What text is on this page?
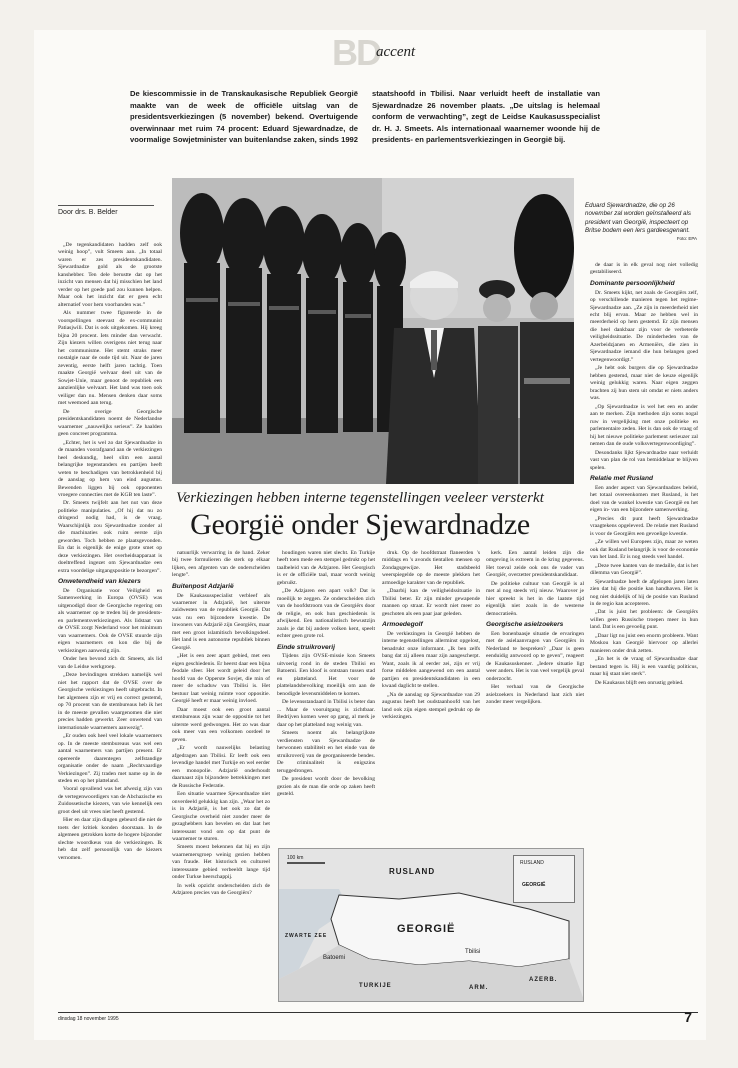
BD
accent
De kiescommissie in de Transkaukasische Republiek Georgië maakte van de week de officiële uitslag van de presidentsverkiezingen (5 november) bekend. Overtuigende overwinnaar met ruim 74 procent: Eduard Sjewardnadze, de voormalige Sowjetminister van buitenlandse zaken, sinds 1992 staatshoofd in Tbilisi. Naar verluidt heeft de installatie van Sjewardnadze 26 november plaats. „De uitslag is helemaal conform de verwachting”, zegt de Leidse Kaukasusspecialist dr. H. J. Smeets. Als internationaal waarnemer woonde hij de presidents- en parlementsverkiezingen in Georgië bij.
Door drs. B. Belder
Eduard Sjewardnadze, die op 26 november zal worden geïnstalleerd als president van Georgië, inspecteert op Britse bodem een lers gardeesgenant.
Foto: EPA
Verkiezingen hebben interne tegenstellingen veeleer versterkt
Georgië onder Sjewardnadze

„De tegenkandidaten hadden zelf ook weinig hoop”, vult Smeets aan. „In totaal waren er zes presidentskandidaten. Sjewardnadze gold als de grootste kanshebber. Ten dele berustte dat op het inzicht van mensen dat hij misschien het land verder op het goede pad zou kunnen helpen. Maar ook het inzicht dat er geen echt alternatief voor hem voorhanden was.”

Als nummer twee figureerde in de voorspellingen steevast de ex-communist Patiasjwili. Dat is ook uitgekomen. Hij kreeg bijna 20 procent. Iets minder dan verwacht. Zijn kiezers willen overigens niet terug naar het communisme. Het stemt straks meer nostalgie naar de oude tijd uit. Naar de jaren zeventig, eerste helft jaren tachtig. Toen maakte Georgië welvaar deel uit van de Sowjet-Unie, maar genoot de republiek een aanzienlijke welvaart. Het land was toen ook veiliger dan nu. Mensen denken daar soms met weemoed aan terug.

De overige Georgische presidentskandidaten noemt de Nederlandse waarnemer „nauwelijks serieus”. Ze haalden geen concreet programma.

„Echter, het is wel zo dat Sjewardnadze in de maanden voorafgaand aan de verkiezingen heel deskundig, heel slim een aantal belangrijke tegenstanders en partijen heeft weten te beschadigen van betrokkenheid bij de aanslag op hem van eind augustus. Bewenden liggen bij ook opponenten vroegere connecties met de KGB ten laste”.

Dr. Smeets twijfelt aan het nut van deze politieke manipulaties. „Of hij dat nu zo dringend nodig had, is de vraag. Waarschijnlijk zou Sjewardnadze zonder al die machinaties ook ruim eerste zijn geworden. Toch hebben ze plaatsgevonden. En dat is eigenlijk de enige grote smet op deze verkiezingen. Het overheidsapparaat is doeltreffend ingezet om Sjewardnadze een extra voordelige uitgangspositie te bezorgen”.

Onwetendheid van kiezers

De Organisatie voor Veiligheid en Samenwerking in Europa (OVSE) was uitgenodigd door de Georgische regering om als waarnemer op te treden bij de presidents- en parlementsverkiezingen. Als lidstaat van de OVSE zorgt Nederland voor het minimum van waarnemers. Ook de OVSE stuurde zijn eigen waarnemers en kon die bij de verkiezingen aanwezig zijn.

Onder hen bevond zich dr. Smeets, als lid van de Leidse werkgroep.

„Deze bevindingen strekken namelijk wel niet het rapport dat de OVSE over de Georgische verkiezingen heeft uitgebracht. In het algemeen zijn er vrij en correct gestemd, op 70 procent van de stembureaus heb ik het in de meeste gevallen waargenomen die niet precies hadden gewerkt. Zeer onwetend van internationale waarnemers aanwezig”.

„Er ouden ook heel veel lokale waarnemers op. In de meeste stembureaus was wel een aantal waarnemers van partijen present. Er opereerde daarentegen zelfstandige organisatie onder de naam „Rechtvaardige Verkiezingen”. Zij traden met name op in de steden en op het platteland.

Vooral opvallend was het afwezig zijn van de vertegenwoordigers van de Abchazische en Zuidossetische kiezers, van wie kennelijk een groot deel uit vrees niet heeft gestemd.

Hier en daar zijn dingen gebeurd die niet de toets der kritiek konden doorstaan. In de algemeen getrokken korte de hogere bijzonder slechte woordkeus van de verkiezingen. Ik heb dat zelf persoonlijk van de kiezers vernomen.

natuurlijk verwarring in de hand. Zeker bij twee formulieren die sterk op elkaar lijken, een afgenten van de onderscheiden lengte”.

Buitenpost Adzjarië

De Kaukasusspecialist verbleef als waarnemer in Adzjarië, het uiterste zuidwesten van de republiek Georgië. Dat was nu een bijzondere kwestie. De inwoners van Adzjarië zijn Georgiërs, maar met een groot islamitisch bevolkingsdeel. Het land is een autonome republiek binnen Georgië.

„Het is een zeer apart gebied, met een eigen geschiedenis. Er heerst daar een bijna feodale sfeer. Het wordt geleid door het hoofd van de Opperste Sovjet, die min of meer de schaduw van Tbilisi is. Het bestuur laat weinig ruimte voor oppositie. Georgië heeft er maar weinig invloed.

Daar moest ook een groot aantal stembureaus zijn waar de oppositie tot het uiterste werd gedwongen. Het zo was daar ook meer van een volkomen oordeel te geven.

„Er wordt nauwelijks belasting afgedragen aan Tbilisi. Er leeft ook een levendige handel met Turkije en wel eerder een monopolie. Adzjarië onderhoudt daarnaast zijn bijzondere betrekkingen met de Russische Federatie.

Een situatie waarmee Sjewardnadze niet onverdeeld gelukkig kan zijn. „Waar het zo is in Adzjarië, is het ook zo dat de Georgische overheid niet zonder meer de gezaghebbers kan bevelen en dat laat het interessant vond om op dat punt de waarnemer te sturen.

Smeets moest bekennen dat hij en zijn waarnemersgroep weinig gezien hebben van fraude. Het historisch en cultureel interessante gebied verbeeldt lange tijd onder Turkse heerschappij.

In welk opzicht onderscheiden zich de Adzjaren precies van de Georgiërs?

houdingen waren niet slecht. En Turkije heeft toen mede een stempel gedrukt op het taalbeleid van de Adzjaren. Het Georgisch is er de officiële taal, maar wordt weinig gebruikt.

„De Adzjaren een apart volk? Dat is moeilijk te zeggen. Ze onderscheiden zich van de hoofdstroom van de Georgiërs door de religie, en ook hun geschiedenis is afwijkend. Een nationalistisch bewustzijn zoals je dat bij andere volken kent, speelt echter geen grote rol.

Einde struikroverij

Tijdens zijn OVSE-missie kon Smeets uitvoerig rond in de steden Tbilisi en Batoemi. Een kloof is ontstaan tussen stad en platteland. Het voor de plattelandsbevolking moeilijk om aan de benodigde levensmiddelen te komen.

De levensstandaard in Tbilisi is beter dan ... Maar de vooruitgang is zichtbaar. Bedrijven komen weer op gang, al merk je daar op het platteland nog weinig van.

Smeets noemt als belangrijkste verdiensten van Sjewardnadze de herwonnen stabiliteit en het einde van de struikroverij van de georganiseerde bendes. De criminaliteit is enigszins teruggedrongen.

De president wordt door de bevolking gezien als de man die orde op zaken heeft gesteld.

druk. Op de hoofdstraat flaneerden 's middags en 's avonds tientallen mensen op Zondagsgewijze. Het stadsbeeld weerspiegelde op de meeste plekken het armoedige karakter van de republiek.

„Daarbij kan de veiligheidssituatie in Tbilisi beter. Er zijn minder gewapende mannen op straat. Er wordt niet meer zo geschoten als een paar jaar geleden.

Armoedegolf

De verkiezingen in Georgië hebben de interne tegenstellingen allerminst opgelost, benadrukt onze informant. „Ik ben zelfs bang dat zij alleen maar zijn aangescherpt. Want, zoals ik al eerder zei, zijn er vrij forse middelen aangewend om een aantal partijen en presidentskandidaten in een kwaad daglicht te stellen.

„Na de aanslag op Sjewardnadze van 29 augustus heeft het oudstaanhoofd van het land ook zijn eigen stempel gedrukt op de verkiezingen.

kerk. Een aantal leiden zijn die omgeving is extreem in de kring gegevens. Het toeval zeide ook ons de vader van Georgiër, overzetter presidentskandidaat.

De politieke cultuur van Georgië is al met al nog steeds vrij nieuw. Waarover je hier spreekt is het in die laatste tijd eigenlijk niet zoals in de westerse democratieën.

Georgische asielzoekers

Een bonenbaasje situatie de ervaringen met de asielaanvragen van Georgiërs in Nederland te bespreken? „Daar is geen eenduidig antwoord op te geven”, reageert de Kaukasuskenner. „Iedere situatie ligt weer anders. Het is van veel vergelijk geval onderzocht.

Het verhaal van de Georgische asielzoekers in Nederland laat zich niet zonder meer vergelijken.

de daar is in elk geval nog niet volledig gestabiliseerd.

Dominante persoonlijkheid

Dr. Smeets kijkt, net zoals de Georgiërs zelf, op verschillende manieren tegen het regime-Sjewardnadze aan. „Ze zijn in meerderheid niet echt blij ervan. Maar ze hebben wel in meerderheid op hem gestemd. Er zijn mensen die heel dankbaar zijn voor de verbeterde veiligheidssituatie. De minderheden van de Azerbeidzjanen en Armeniërs, die zien in Sjewardnadze iemand die hun belangen goed vertegenwoordigt.”

„Je hebt ook burgers die op Sjewardnadze hebben gestemd, maar niet de keuze eigenlijk weinig gelukkig waren. Naar eigen zeggen brachten zij hun stem uit omdat er niets anders was.

„Op Sjewardnadze is wel het een en ander aan te merken. Zijn methoden zijn soms nogal ruw in vergelijking met onze politieke en parlementaire zeden. Het is dan ook de vraag of hij het nieuwe politieke parlement serieuzer zal nemen dan de oude volksvertegenwoordiging”.

Desondanks lijkt Sjewardnadze naar verluidt vast van plan de rol van bemiddelaar te blijven spelen.

Relatie met Rusland

Een ander aspect van Sjewardnadzes beleid, het totaal overeenkomen met Rusland, is het doel van de wankel kwestie van Georgië en het eigen in- van een bijzondere samenwerking.

„Precies dit punt heeft Sjewardnadze vraagtekens opgeleverd. De relatie met Rusland is voor de Georgiërs een gevoelige kwestie.

„Ze willen wel Europees zijn, maar ze weten ook dat Rusland belangrijk is voor de economie van het land. Er is nog steeds veel handel.

„Deze twee kanten van de medaille, dat is het dilemma van Georgië”.

Sjewardnadze heeft de afgelopen jaren laten zien dat hij die positie kan handhaven. Het is nog niet duidelijk of hij de positie van Rusland in de regio kan accepteren.

„Dat is juist het probleem: de Georgiërs willen geen Russische troepen meer in hun land. Dat is een gevoelig punt.

„Daar ligt nu juist een enorm probleem. Want Moskou kan Georgië hiervoor op allerlei manieren onder druk zetten.

„En het is de vraag of Sjewardnadze daar bestand tegen is. Hij is een vaardig politicus, maar hij staat niet sterk”.

De Kaukasus blijft een onrustig gebied.

100 km
RUSLAND
GEORGIË
ZWARTE ZEE
TURKIJE	ARM.
AZERB.
Batoemi
Tbilisi
RUSLAND
GEORGIË
dinsdag 18 november 1995	7
